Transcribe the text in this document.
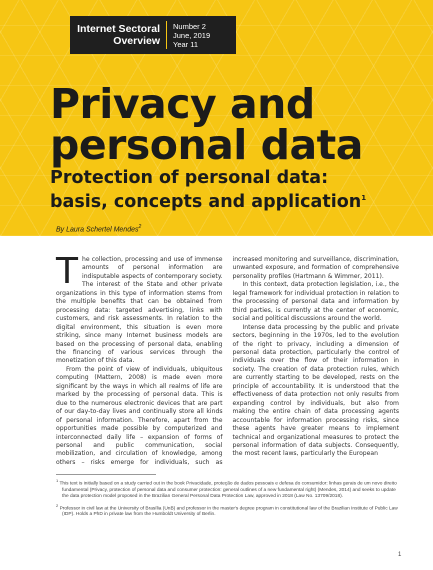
Internet Sectoral
Overview
Number 2
June, 2019
Year 11
Privacy and
personal data
Protection of personal data:
basis, concepts and application$^1$
By Laura Schertel Mendes$^2$

The collection, processing and use of immense amounts of personal information are indisputable aspects of contemporary society. The interest of the State and other private organizations in this type of information stems from the multiple benefits that can be obtained from processing data: targeted advertising, links with customers, and risk assessments. In relation to the digital environment, this situation is even more striking, since many Internet business models are based on the processing of personal data, enabling the financing of various services through the monetization of this data.

From the point of view of individuals, ubiquitous computing (Mattern, 2008) is made even more significant by the ways in which all realms of life are marked by the processing of personal data. This is due to the numerous electronic devices that are part of our day-to-day lives and continually store all kinds of personal information. Therefore, apart from the opportunities made possible by computerized and interconnected daily life – expansion of forms of personal and public communication, social mobilization, and circulation of knowledge, among others – risks emerge for individuals, such as increased monitoring and surveillance, discrimination, unwanted exposure, and formation of comprehensive personality profiles (Hartmann & Wimmer, 2011).

In this context, data protection legislation, i.e., the legal framework for individual protection in relation to the processing of personal data and information by third parties, is currently at the center of economic, social and political discussions around the world.

Intense data processing by the public and private sectors, beginning in the 1970s, led to the evolution of the right to privacy, including a dimension of personal data protection, particularly the control of individuals over the flow of their information in society. The creation of data protection rules, which are currently starting to be developed, rests on the principle of accountability. It is understood that the effectiveness of data protection not only results from expanding control by individuals, but also from making the entire chain of data processing agents accountable for information processing risks, since these agents have greater means to implement technical and organizational measures to protect the personal information of data subjects. Consequently, the most recent laws, particularly the European

$^1$ This text is initially based on a study carried out in the book Privacidade, proteção de dados pessoais e defesa do consumidor: linhas gerais de um novo direito fundamental (Privacy, protection of personal data and consumer protection: general outlines of a new fundamental right) (Mendes, 2014) and seeks to update the data protection model proposed in the Brazilian General Personal Data Protection Law, approved in 2018 (Law No. 13709/2018).

$^2$ Professor in civil law at the University of Brasília (UnB) and professor in the master's degree program in constitutional law of the Brazilian Institute of Public Law (IDP). Holds a PhD in private law from the Humboldt University of Berlin.

1
